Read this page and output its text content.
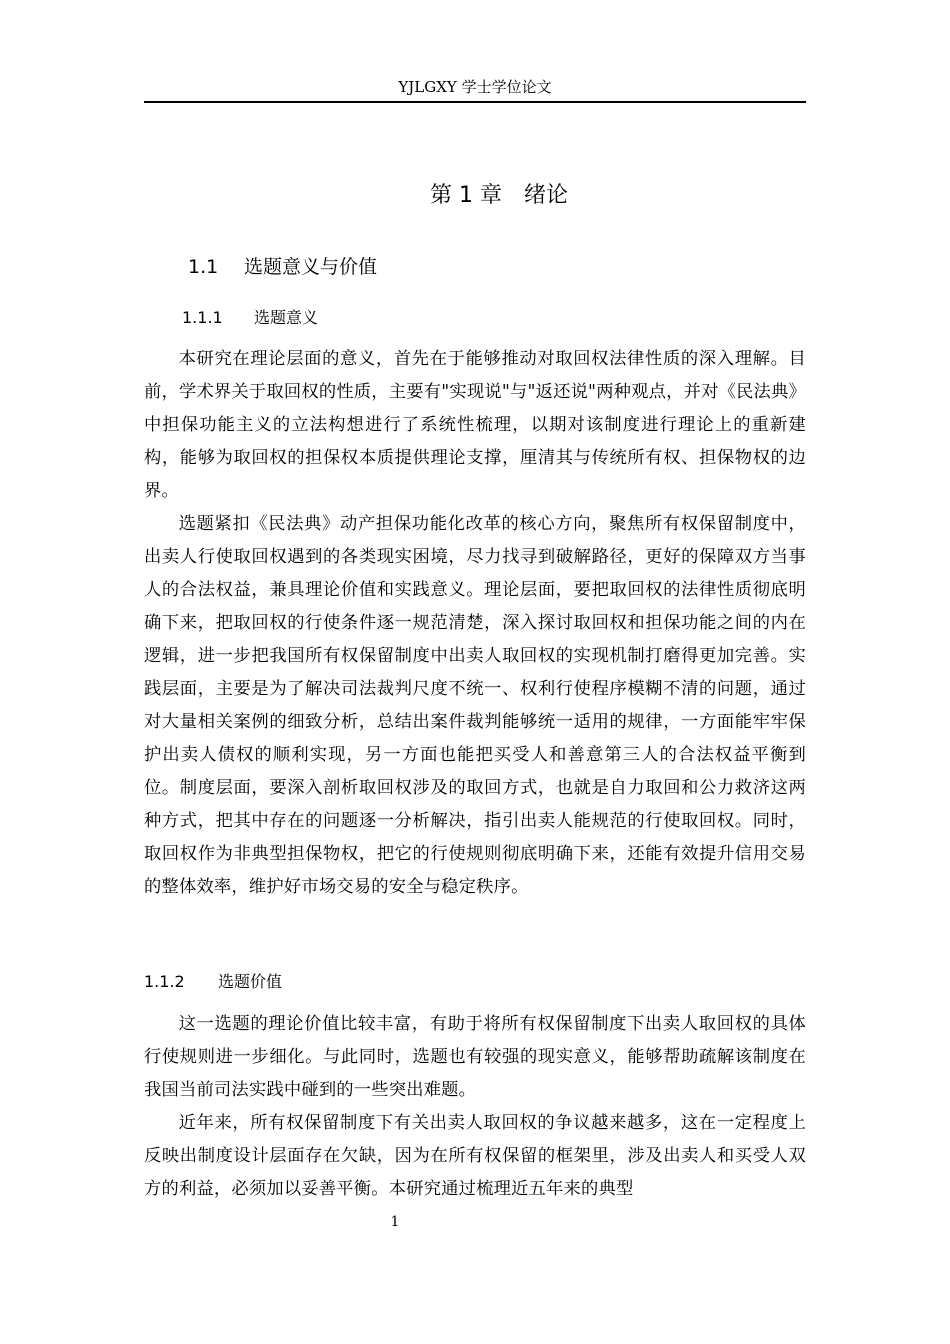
YJLGXY 学士学位论文
第 1 章 绪论
1.1 选题意义与价值
1.1.1 选题意义

本研究在理论层面的意义，首先在于能够推动对取回权法律性质的深入理解。目前，学术界关于取回权的性质，主要有"实现说"与"返还说"两种观点，并对《民法典》中担保功能主义的立法构想进行了系统性梳理，以期对该制度进行理论上的重新建构，能够为取回权的担保权本质提供理论支撑，厘清其与传统所有权、担保物权的边界。

选题紧扣《民法典》动产担保功能化改革的核心方向，聚焦所有权保留制度中，出卖人行使取回权遇到的各类现实困境，尽力找寻到破解路径，更好的保障双方当事人的合法权益，兼具理论价值和实践意义。理论层面，要把取回权的法律性质彻底明确下来，把取回权的行使条件逐一规范清楚，深入探讨取回权和担保功能之间的内在逻辑，进一步把我国所有权保留制度中出卖人取回权的实现机制打磨得更加完善。实践层面，主要是为了解决司法裁判尺度不统一、权利行使程序模糊不清的问题，通过对大量相关案例的细致分析，总结出案件裁判能够统一适用的规律，一方面能牢牢保护出卖人债权的顺利实现，另一方面也能把买受人和善意第三人的合法权益平衡到位。制度层面，要深入剖析取回权涉及的取回方式，也就是自力取回和公力救济这两种方式，把其中存在的问题逐一分析解决，指引出卖人能规范的行使取回权。同时，取回权作为非典型担保物权，把它的行使规则彻底明确下来，还能有效提升信用交易的整体效率，维护好市场交易的安全与稳定秩序。

1.1.2 选题价值

这一选题的理论价值比较丰富，有助于将所有权保留制度下出卖人取回权的具体行使规则进一步细化。与此同时，选题也有较强的现实意义，能够帮助疏解该制度在我国当前司法实践中碰到的一些突出难题。

近年来，所有权保留制度下有关出卖人取回权的争议越来越多，这在一定程度上反映出制度设计层面存在欠缺，因为在所有权保留的框架里，涉及出卖人和买受人双方的利益，必须加以妥善平衡。本研究通过梳理近五年来的典型

1
